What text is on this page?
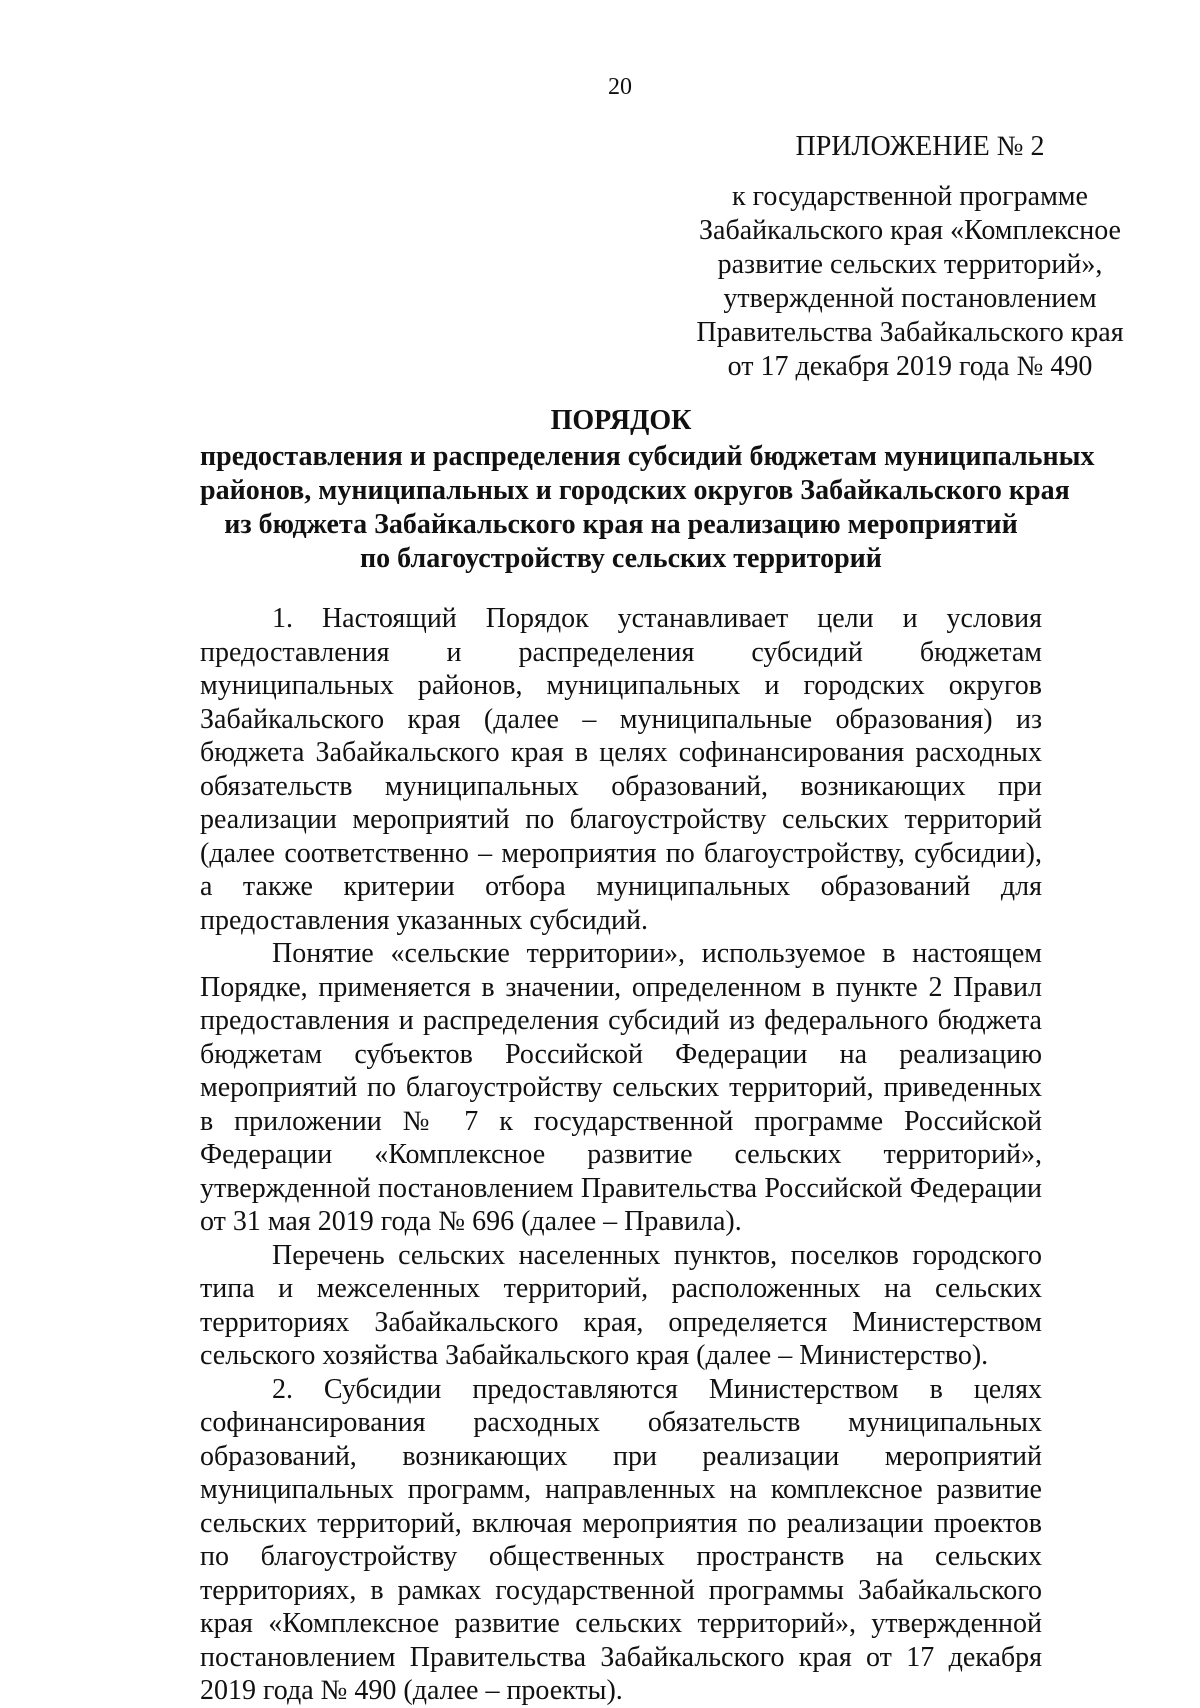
20
ПРИЛОЖЕНИЕ № 2
к государственной программе
Забайкальского края «Комплексное
развитие сельских территорий»,
утвержденной постановлением
Правительства Забайкальского края
от 17 декабря 2019 года № 490
ПОРЯДОК
предоставления и распределения субсидий бюджетам муниципальных
районов, муниципальных и городских округов Забайкальского края
из бюджета Забайкальского края на реализацию мероприятий
по благоустройству сельских территорий

1. Настоящий Порядок устанавливает цели и условия предоставления и распределения субсидий бюджетам муниципальных районов, муниципальных и городских округов Забайкальского края (далее – муниципальные образования) из бюджета Забайкальского края в целях софинансирования расходных обязательств муниципальных образований, возникающих при реализации мероприятий по благоустройству сельских территорий (далее соответственно – мероприятия по благоустройству, субсидии), а также критерии отбора муниципальных образований для предоставления указанных субсидий.

Понятие «сельские территории», используемое в настоящем Порядке, применяется в значении, определенном в пункте 2 Правил предоставления и распределения субсидий из федерального бюджета бюджетам субъектов Российской Федерации на реализацию мероприятий по благоустройству сельских территорий, приведенных в приложении № 7 к государственной программе Российской Федерации «Комплексное развитие сельских территорий», утвержденной постановлением Правительства Российской Федерации от 31 мая 2019 года № 696 (далее – Правила).

Перечень сельских населенных пунктов, поселков городского типа и межселенных территорий, расположенных на сельских территориях Забайкальского края, определяется Министерством сельского хозяйства Забайкальского края (далее – Министерство).

2. Субсидии предоставляются Министерством в целях софинансирования расходных обязательств муниципальных образований, возникающих при реализации мероприятий муниципальных программ, направленных на комплексное развитие сельских территорий, включая мероприятия по реализации проектов по благоустройству общественных пространств на сельских территориях, в рамках государственной программы Забайкальского края «Комплексное развитие сельских территорий», утвержденной постановлением Правительства Забайкальского края от 17 декабря 2019 года № 490 (далее – проекты).
